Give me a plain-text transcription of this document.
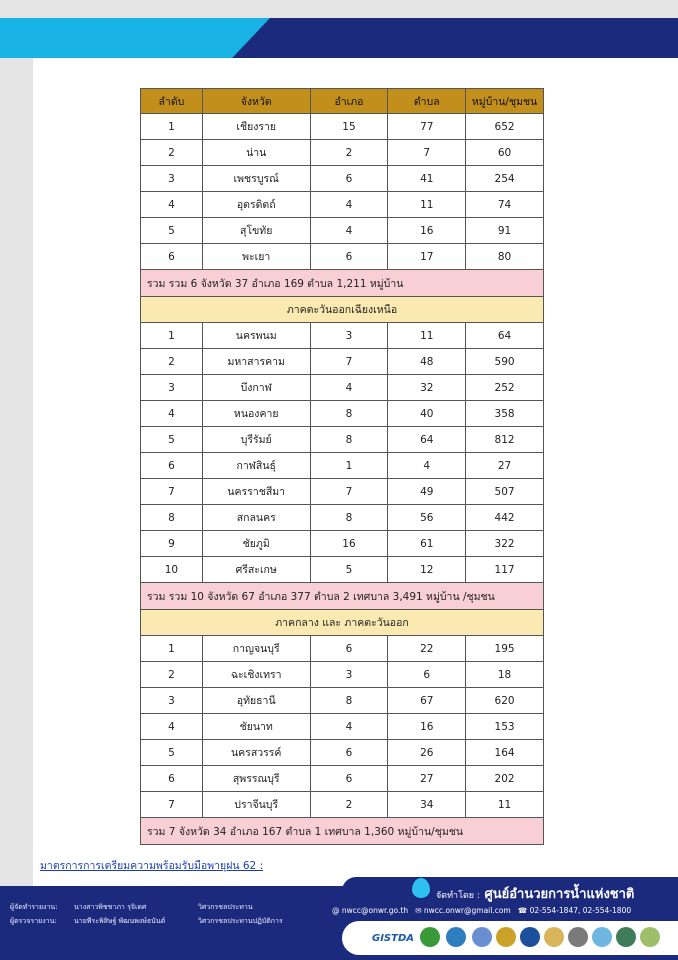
ลำดับ	จังหวัด	อำเภอ	ตำบล	หมู่บ้าน/ชุมชน
1	เชียงราย	15	77	652
2	น่าน	2	7	60
3	เพชรบูรณ์	6	41	254
4	อุตรดิตถ์	4	11	74
5	สุโขทัย	4	16	91
6	พะเยา	6	17	80
รวม รวม 6 จังหวัด 37 อำเภอ 169 ตำบล 1,211 หมู่บ้าน				
ภาคตะวันออกเฉียงเหนือ				
1	นครพนม	3	11	64
2	มหาสารคาม	7	48	590
3	บึงกาฬ	4	32	252
4	หนองคาย	8	40	358
5	บุรีรัมย์	8	64	812
6	กาฬสินธุ์	1	4	27
7	นครราชสีมา	7	49	507
8	สกลนคร	8	56	442
9	ชัยภูมิ	16	61	322
10	ศรีสะเกษ	5	12	117
รวม รวม 10 จังหวัด 67 อำเภอ 377 ตำบล 2 เทศบาล 3,491 หมู่บ้าน /ชุมชน				
ภาคกลาง และ ภาคตะวันออก				
1	กาญจนบุรี	6	22	195
2	ฉะเชิงเทรา	3	6	18
3	อุทัยธานี	8	67	620
4	ชัยนาท	4	16	153
5	นครสวรรค์	6	26	164
6	สุพรรณบุรี	6	27	202
7	ปราจีนบุรี	2	34	11
รวม 7 จังหวัด 34 อำเภอ 167 ตำบล 1 เทศบาล 1,360 หมู่บ้าน/ชุมชน				
มาตรการการเตรียมความพร้อมรับมือพายุฝน 62 :
ผู้จัดทำรายงาน: นางสาวพิชชาภา รุจิเดศ	วิศวกรชลประทาน
ผู้ตรวจรายงาน: นายพีระพิสิษฐ์ พัฒนพงษ์ธนันต์	วิศวกรชลประทานปฏิบัติการ
จัดทำโดย : ศูนย์อำนวยการน้ำแห่งชาติ
@ nwcc@onwr.go.th ✉ nwcc.onwr@gmail.com ☎ 02-554-1847, 02-554-1800
GISTDA
